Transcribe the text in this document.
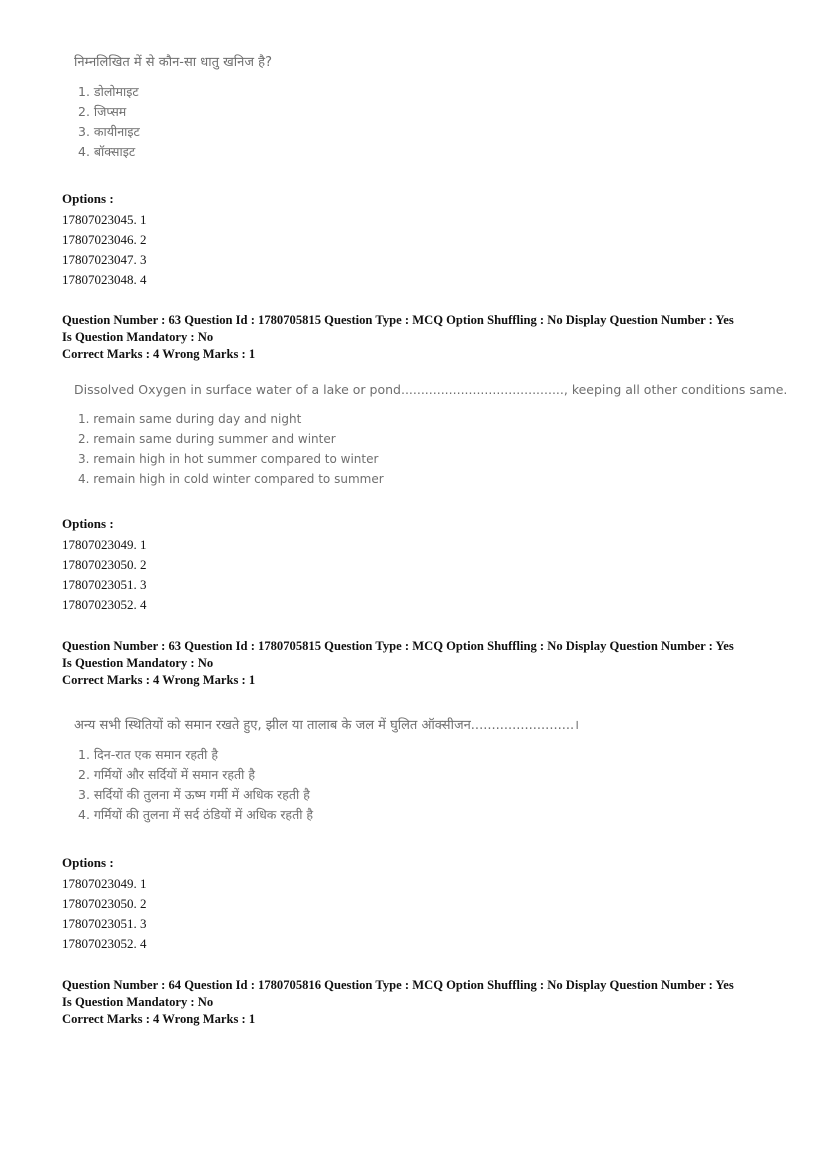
निम्नलिखित में से कौन-सा धातु खनिज है?
1. डोलोमाइट
2. जिप्सम
3. कायीनाइट
4. बॉक्साइट
Options :
17807023045. 1
17807023046. 2
17807023047. 3
17807023048. 4
Question Number : 63 Question Id : 1780705815 Question Type : MCQ Option Shuffling : No Display Question Number : Yes
Is Question Mandatory : No
Correct Marks : 4 Wrong Marks : 1
Dissolved Oxygen in surface water of a lake or pond........................................., keeping all other conditions same.
1. remain same during day and night
2. remain same during summer and winter
3. remain high in hot summer compared to winter
4. remain high in cold winter compared to summer
Options :
17807023049. 1
17807023050. 2
17807023051. 3
17807023052. 4
Question Number : 63 Question Id : 1780705815 Question Type : MCQ Option Shuffling : No Display Question Number : Yes
Is Question Mandatory : No
Correct Marks : 4 Wrong Marks : 1
अन्य सभी स्थितियों को समान रखते हुए, झील या तालाब के जल में घुलित ऑक्सीजन.........................।
1. दिन-रात एक समान रहती है
2. गर्मियों और सर्दियों में समान रहती है
3. सर्दियों की तुलना में ऊष्म गर्मी में अधिक रहती है
4. गर्मियों की तुलना में सर्द ठंडियों में अधिक रहती है
Options :
17807023049. 1
17807023050. 2
17807023051. 3
17807023052. 4
Question Number : 64 Question Id : 1780705816 Question Type : MCQ Option Shuffling : No Display Question Number : Yes
Is Question Mandatory : No
Correct Marks : 4 Wrong Marks : 1
